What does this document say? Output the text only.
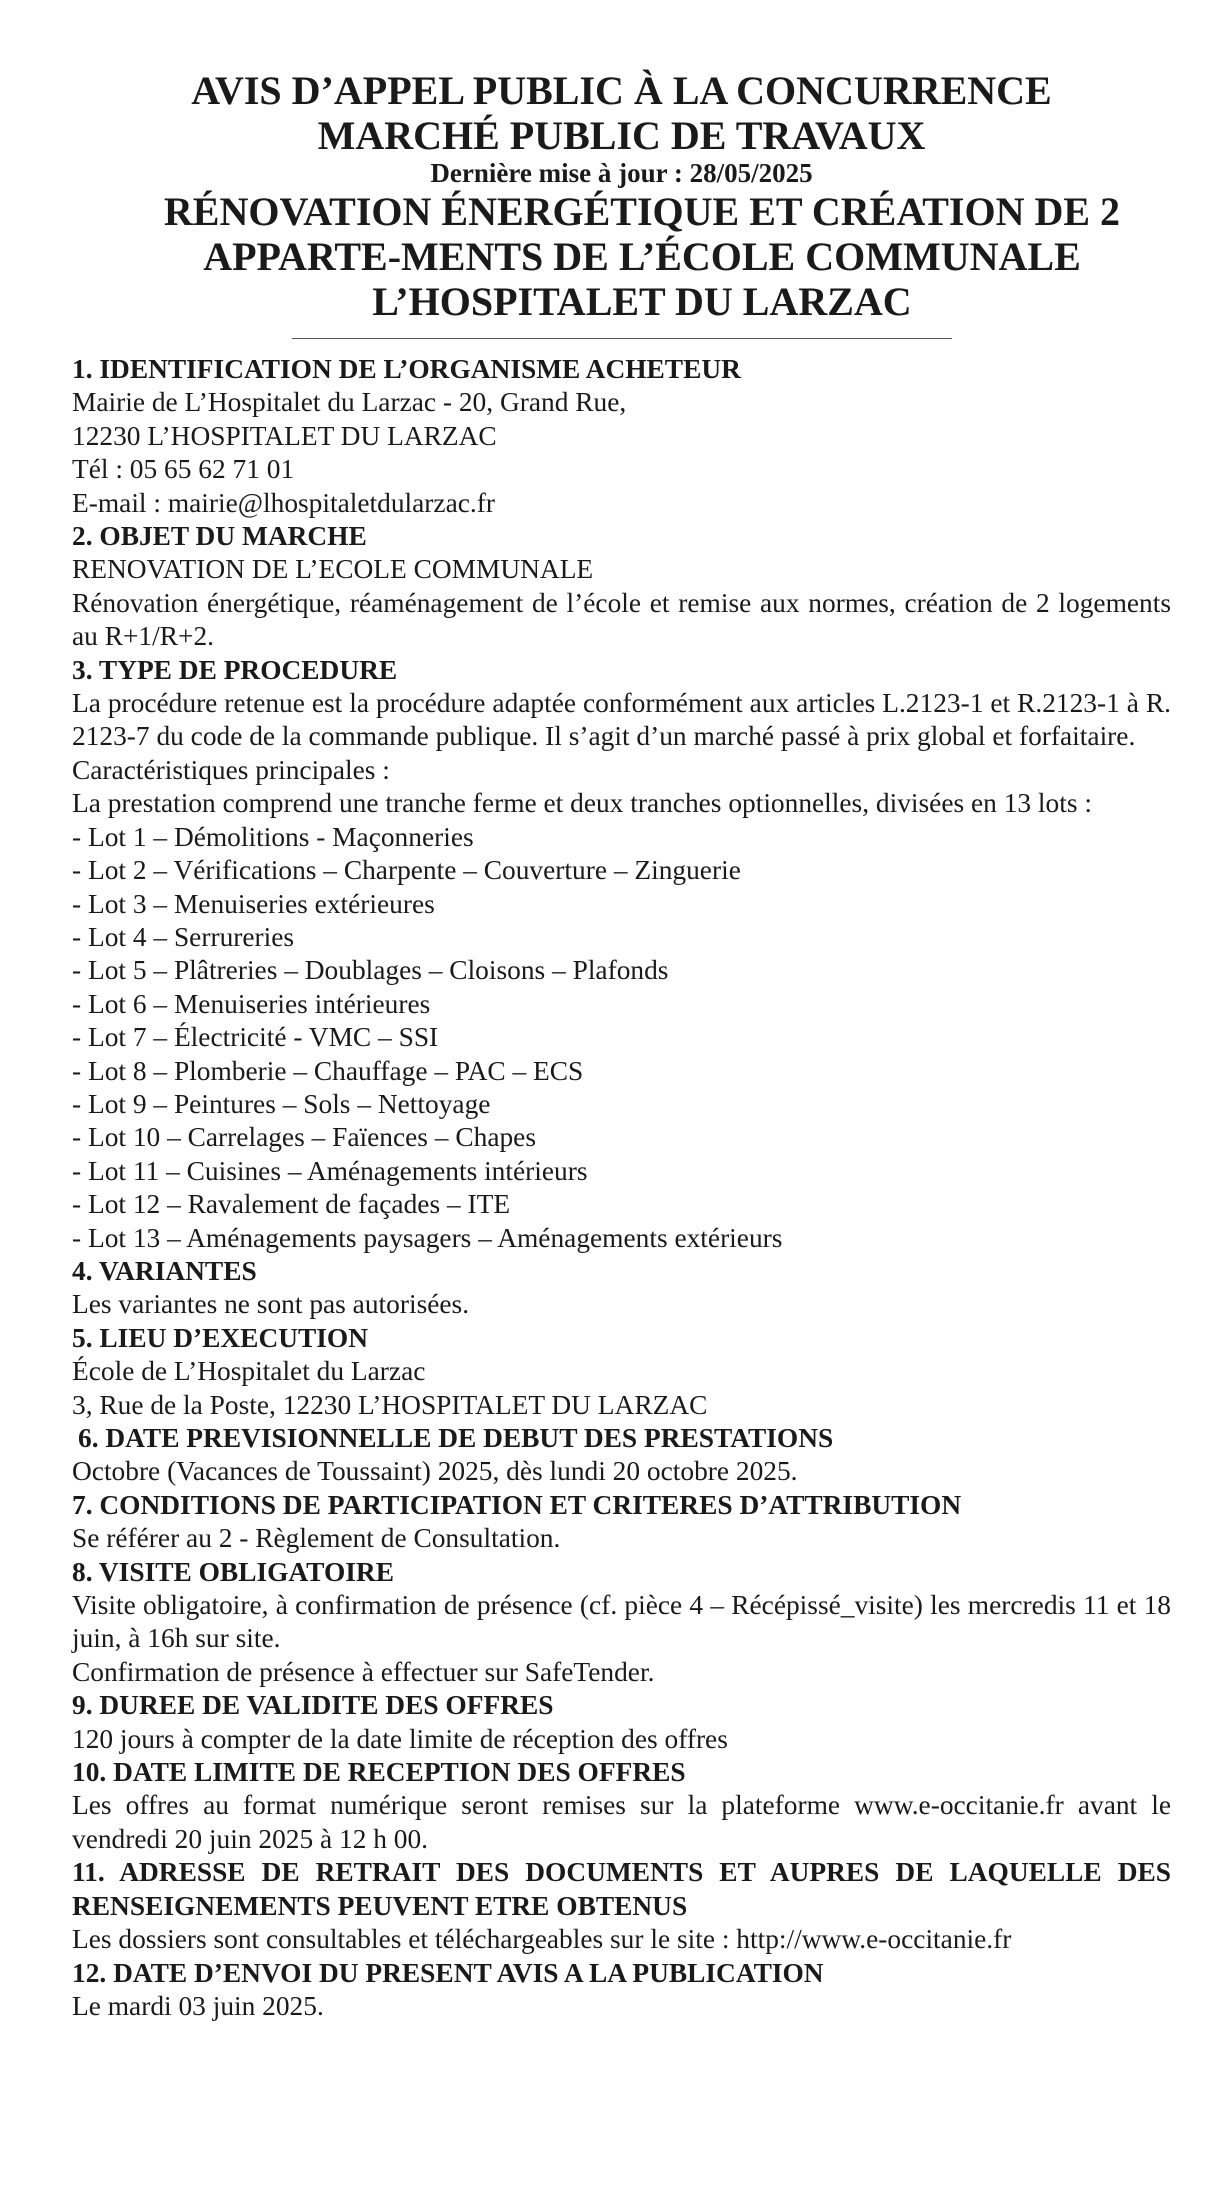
AVIS D’APPEL PUBLIC À LA CONCURRENCE

MARCHÉ PUBLIC DE TRAVAUX

Dernière mise à jour : 28/05/2025

RÉNOVATION ÉNERGÉTIQUE ET CRÉATION DE 2 APPARTE-MENTS DE L’ÉCOLE COMMUNALE L’HOSPITALET DU LARZAC

1. IDENTIFICATION DE L’ORGANISME ACHETEUR

Mairie de L’Hospitalet du Larzac - 20, Grand Rue,

12230 L’HOSPITALET DU LARZAC

Tél : 05 65 62 71 01

E-mail : mairie@lhospitaletdularzac.fr

2. OBJET DU MARCHE

RENOVATION DE L’ECOLE COMMUNALE

Rénovation énergétique, réaménagement de l’école et remise aux normes, création de 2 logements au R+1/R+2.

3. TYPE DE PROCEDURE

La procédure retenue est la procédure adaptée conformément aux articles L.2123-1 et R.2123-1 à R. 2123-7 du code de la commande publique. Il s’agit d’un marché passé à prix global et forfaitaire.

Caractéristiques principales :

La prestation comprend une tranche ferme et deux tranches optionnelles, divisées en 13 lots :

- Lot 1 – Démolitions - Maçonneries
- Lot 2 – Vérifications – Charpente – Couverture – Zinguerie
- Lot 3 – Menuiseries extérieures
- Lot 4 – Serrureries
- Lot 5 – Plâtreries – Doublages – Cloisons – Plafonds
- Lot 6 – Menuiseries intérieures
- Lot 7 – Électricité - VMC – SSI
- Lot 8 – Plomberie – Chauffage – PAC – ECS
- Lot 9 – Peintures – Sols – Nettoyage
- Lot 10 – Carrelages – Faïences – Chapes
- Lot 11 – Cuisines – Aménagements intérieurs
- Lot 12 – Ravalement de façades – ITE
- Lot 13 – Aménagements paysagers – Aménagements extérieurs

4. VARIANTES

Les variantes ne sont pas autorisées.

5. LIEU D’EXECUTION

École de L’Hospitalet du Larzac

3, Rue de la Poste, 12230 L’HOSPITALET DU LARZAC

6. DATE PREVISIONNELLE DE DEBUT DES PRESTATIONS

Octobre (Vacances de Toussaint) 2025, dès lundi 20 octobre 2025.

7. CONDITIONS DE PARTICIPATION ET CRITERES D’ATTRIBUTION

Se référer au 2 - Règlement de Consultation.

8. VISITE OBLIGATOIRE

Visite obligatoire, à confirmation de présence (cf. pièce 4 – Récépissé_visite) les mercredis 11 et 18 juin, à 16h sur site.

Confirmation de présence à effectuer sur SafeTender.

9. DUREE DE VALIDITE DES OFFRES

120 jours à compter de la date limite de réception des offres

10. DATE LIMITE DE RECEPTION DES OFFRES

Les offres au format numérique seront remises sur la plateforme www.e-occitanie.fr avant le vendredi 20 juin 2025 à 12 h 00.

11. ADRESSE DE RETRAIT DES DOCUMENTS ET AUPRES DE LAQUELLE DES RENSEIGNEMENTS PEUVENT ETRE OBTENUS

Les dossiers sont consultables et téléchargeables sur le site : http://www.e-occitanie.fr

12. DATE D’ENVOI DU PRESENT AVIS A LA PUBLICATION

Le mardi 03 juin 2025.
